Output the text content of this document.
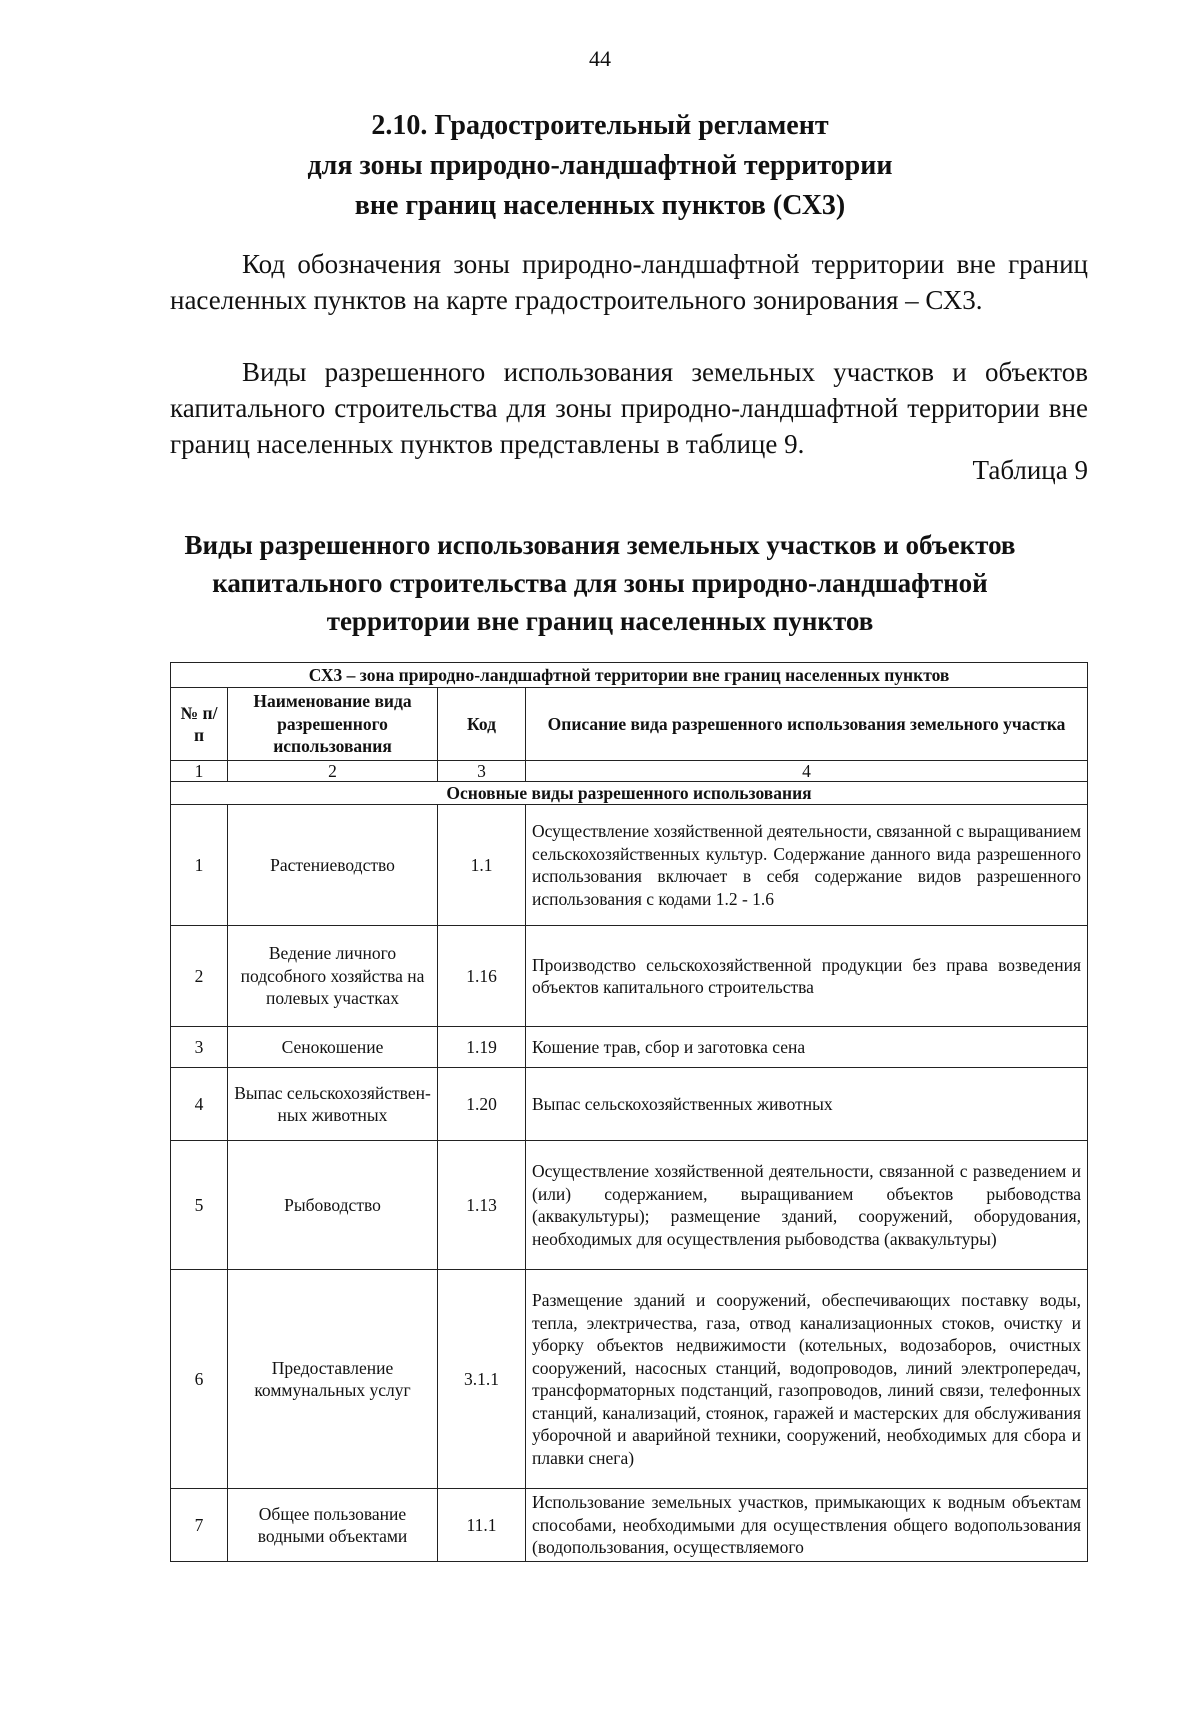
44
2.10. Градостроительный регламент
для зоны природно-ландшафтной территории
вне границ населенных пунктов (СХ3)

Код обозначения зоны природно-ландшафтной территории вне границ населенных пунктов на карте градостроительного зонирования – СХ3.

Виды разрешенного использования земельных участков и объектов капитального строительства для зоны природно-ландшафтной территории вне границ населенных пунктов представлены в таблице 9.

Таблица 9
Виды разрешенного использования земельных участков и объектов
капитального строительства для зоны природно-ландшафтной
территории вне границ населенных пунктов
СХ3 – зона природно-ландшафтной территории вне границ населенных пунктов			
№ п/п	Наименование вида разрешенного использования	Код	Описание вида разрешенного использования земельного участка
1	2	3	4
Основные виды разрешенного использования			
1	Растениеводство	1.1	Осуществление хозяйственной деятельности, связанной с выращиванием сельскохозяйственных культур. Содержание данного вида разрешенного использования включает в себя содержание видов разрешенного использования с кодами 1.2 - 1.6
2	Ведение личного подсобного хозяйства на полевых участках	1.16	Производство сельскохозяйственной продукции без права возведения объектов капитального строительства
3	Сенокошение	1.19	Кошение трав, сбор и заготовка сена
4	Выпас сельскохозяйствен-ных животных	1.20	Выпас сельскохозяйственных животных
5	Рыбоводство	1.13	Осуществление хозяйственной деятельности, связанной с разведением и (или) содержанием, выращиванием объектов рыбоводства (аквакультуры); размещение зданий, сооружений, оборудования, необходимых для осуществления рыбоводства (аквакультуры)
6	Предоставление коммунальных услуг	3.1.1	Размещение зданий и сооружений, обеспечивающих поставку воды, тепла, электричества, газа, отвод канализационных стоков, очистку и уборку объектов недвижимости (котельных, водозаборов, очистных сооружений, насосных станций, водопроводов, линий электропередач, трансформаторных подстанций, газопроводов, линий связи, телефонных станций, канализаций, стоянок, гаражей и мастерских для обслуживания уборочной и аварийной техники, сооружений, необходимых для сбора и плавки снега)
7	Общее пользование водными объектами	11.1	Использование земельных участков, примыкающих к водным объектам способами, необходимыми для осуществления общего водопользования (водопользования, осуществляемого
